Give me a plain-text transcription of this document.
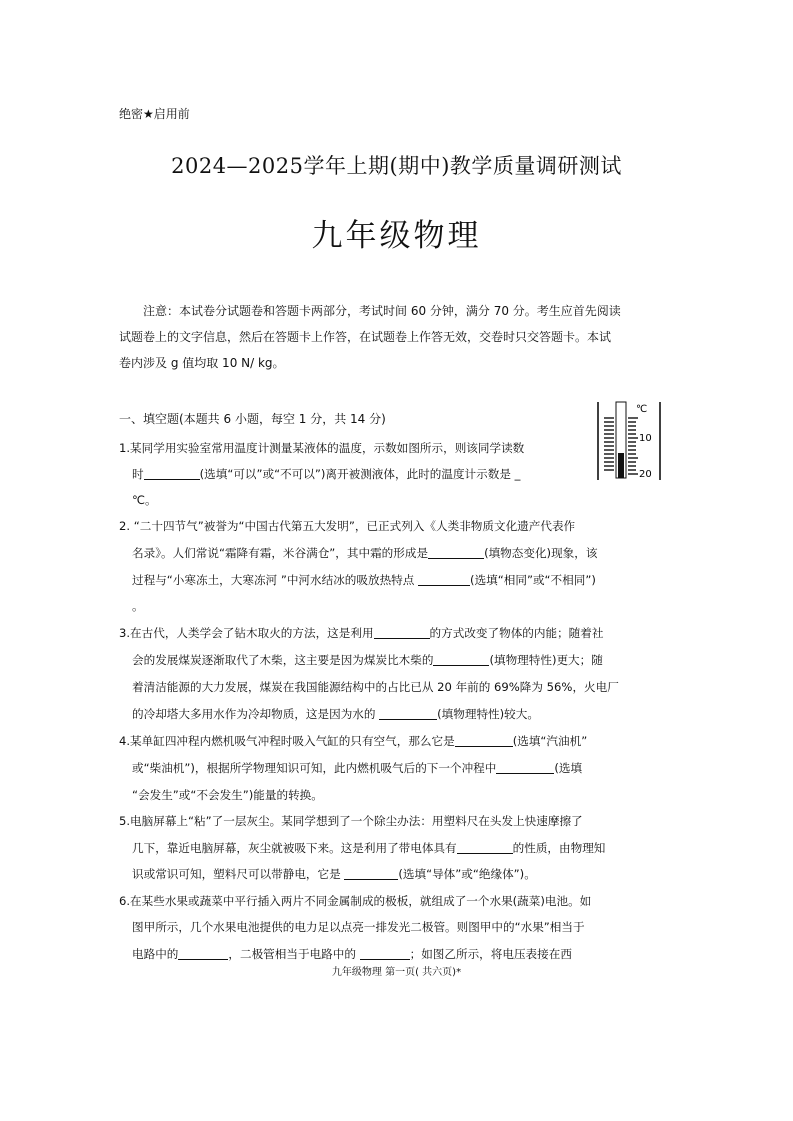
绝密★启用前
2024—2025学年上期(期中)教学质量调研测试
九年级物理
注意：本试卷分试题卷和答题卡两部分，考试时间 60 分钟，满分 70 分。考生应首先阅读
试题卷上的文字信息，然后在答题卡上作答，在试题卷上作答无效，交卷时只交答题卡。本试
卷内涉及 g 值均取 10 N/ kg。
一、填空题(本题共 6 小题，每空 1 分，共 14 分)
℃
10
20
1.某同学用实验室常用温度计测量某液体的温度，示数如图所示，则该同学读数
时	(选填“可以”或“不可以”)离开被测液体，此时的温度计示数是 _
℃。
2. “二十四节气”被誉为“中国古代第五大发明”，已正式列入《人类非物质文化遗产代表作
名录》。人们常说“霜降有霜，米谷满仓”，其中霜的形成是	(填物态变化)现象，该
过程与“小寒冻土，大寒冻河 ”中河水结冰的吸放热特点	(选填“相同”或“不相同”)
。
3.在古代，人类学会了钻木取火的方法，这是利用	的方式改变了物体的内能；随着社
会的发展煤炭逐渐取代了木柴，这主要是因为煤炭比木柴的	(填物理特性)更大；随
着清洁能源的大力发展，煤炭在我国能源结构中的占比已从 20 年前的 69%降为 56%，火电厂
的冷却塔大多用水作为冷却物质，这是因为水的	(填物理特性)较大。
4.某单缸四冲程内燃机吸气冲程时吸入气缸的只有空气，那么它是	(选填“汽油机”
或“柴油机”)，根据所学物理知识可知，此内燃机吸气后的下一个冲程中	(选填
“会发生”或“不会发生”)能量的转换。
5.电脑屏幕上“粘”了一层灰尘。某同学想到了一个除尘办法：用塑料尺在头发上快速摩擦了
几下，靠近电脑屏幕，灰尘就被吸下来。这是利用了带电体具有	的性质，由物理知
识或常识可知，塑料尺可以带静电，它是	(选填“导体”或“绝缘体”)。
6.在某些水果或蔬菜中平行插入两片不同金属制成的极板，就组成了一个水果(蔬菜)电池。如
图甲所示，几个水果电池提供的电力足以点亮一排发光二极管。则图甲中的“水果”相当于
电路中的	，二极管相当于电路中的	；如图乙所示，将电压表接在西
九年级物理 第一页( 共六页)*
